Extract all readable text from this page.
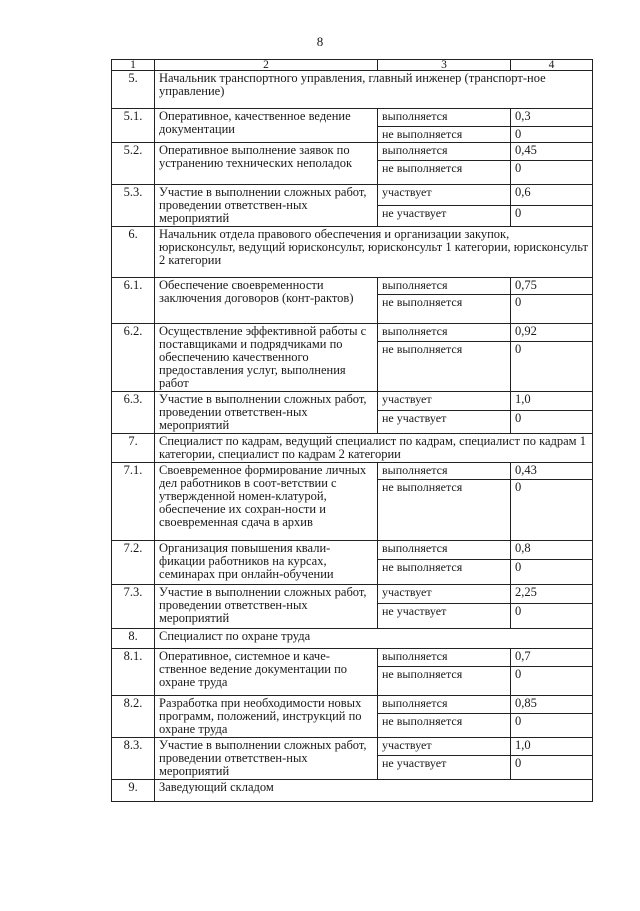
8
1	2	3	4
5.	Начальник транспортного управления, главный инженер (транспорт-ное управление)		
5.1.	Оперативное, качественное ведение документации	выполняется	0,3
		не выполняется	0
5.2.	Оперативное выполнение заявок по устранению технических неполадок	выполняется	0,45
		не выполняется	0
5.3.	Участие в выполнении сложных работ, проведении ответствен-ных мероприятий	участвует	0,6
		не участвует	0
6.	Начальник отдела правового обеспечения и организации закупок, юрисконсульт, ведущий юрисконсульт, юрисконсульт 1 категории, юрисконсульт 2 категории		
6.1.	Обеспечение своевременности заключения договоров (конт-рактов)	выполняется	0,75
		не выполняется	0
6.2.	Осуществление эффективной работы с поставщиками и подрядчиками по обеспечению качественного предоставления услуг, выполнения работ	выполняется	0,92
		не выполняется	0
6.3.	Участие в выполнении сложных работ, проведении ответствен-ных мероприятий	участвует	1,0
		не участвует	0
7.	Специалист по кадрам, ведущий специалист по кадрам, специалист по кадрам 1 категории, специалист по кадрам 2 категории		
7.1.	Своевременное формирование личных дел работников в соот-ветствии с утвержденной номен-клатурой, обеспечение их сохран-ности и своевременная сдача в архив	выполняется	0,43
		не выполняется	0
7.2.	Организация повышения квали-фикации работников на курсах, семинарах при онлайн-обучении	выполняется	0,8
		не выполняется	0
7.3.	Участие в выполнении сложных работ, проведении ответствен-ных мероприятий	участвует	2,25
		не участвует	0
8.	Специалист по охране труда		
8.1.	Оперативное, системное и каче-ственное ведение документации по охране труда	выполняется	0,7
		не выполняется	0
8.2.	Разработка при необходимости новых программ, положений, инструкций по охране труда	выполняется	0,85
		не выполняется	0
8.3.	Участие в выполнении сложных работ, проведении ответствен-ных мероприятий	участвует	1,0
		не участвует	0
9.	Заведующий складом		
